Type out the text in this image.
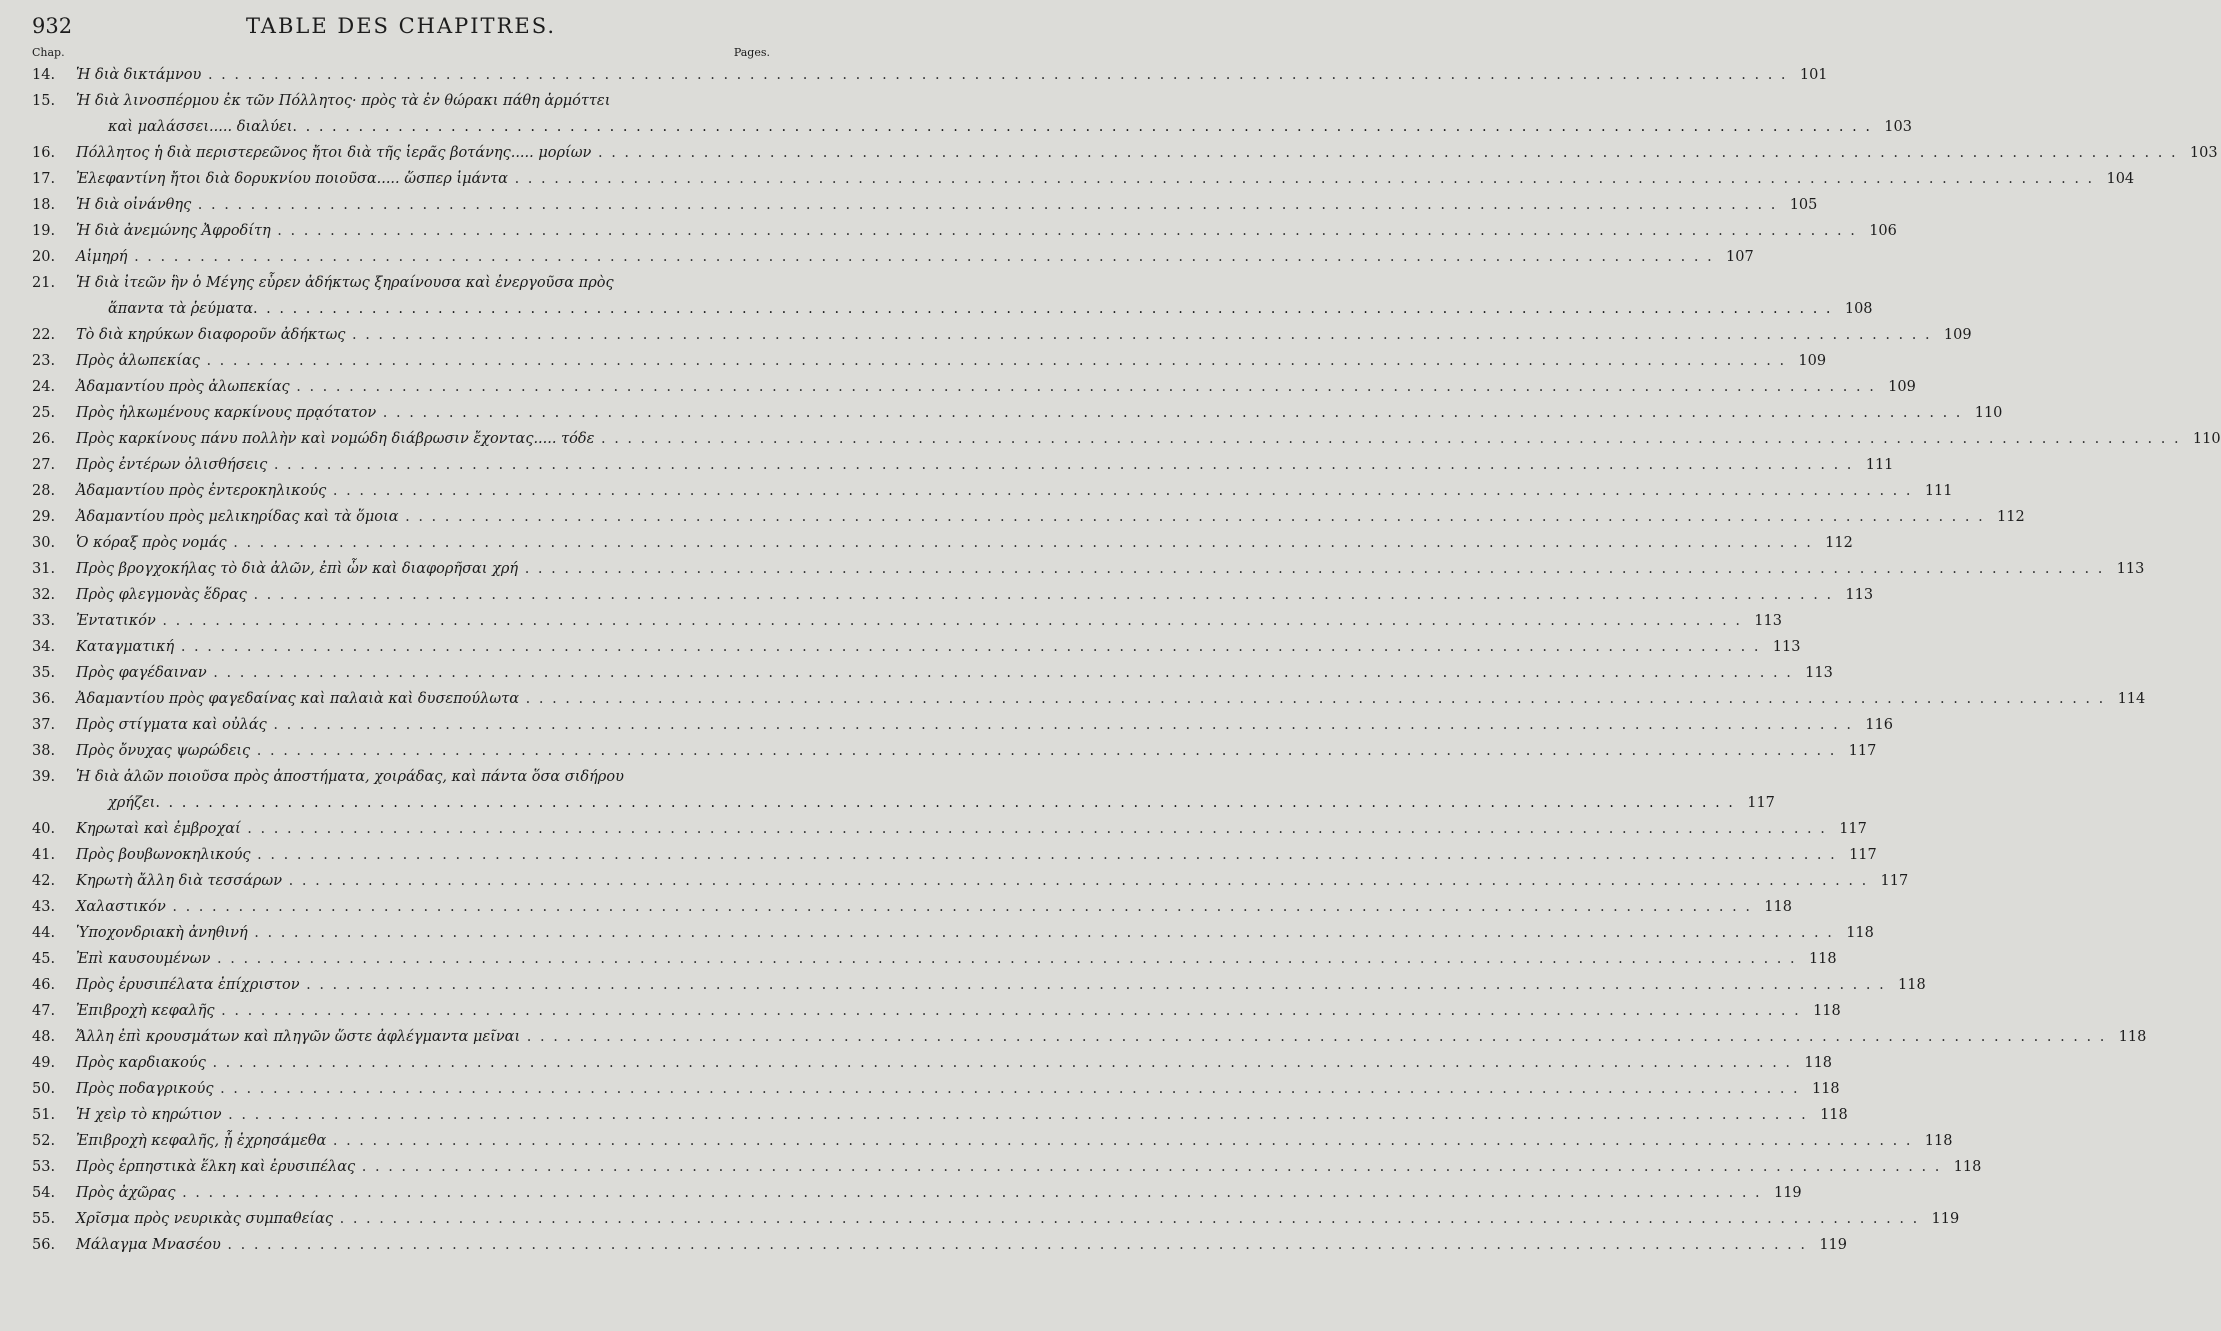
932	TABLE DES CHAPITRES.
Chap.	Pages.
14.	Ἡ διὰ δικτάμνου . . . . . . . . . . . . . . . . . . . . . . . . . . . . . . . . . . . . . . . . . . . . . . . . . . . . . . . . . . . . . . . . . . . . . . . . . . . . . . . . . . . . . . . . . . . . . . . . . . . . . . . . . . . . . . . . . . . . . . . . 101
15.	Ἡ διὰ λινοσπέρμου ἐκ τῶν Πόλλητος· πρὸς τὰ ἐν θώρακι πάθη ἁρμόττει
καὶ μαλάσσει..... διαλύει . . . . . . . . . . . . . . . . . . . . . . . . . . . . . . . . . . . . . . . . . . . . . . . . . . . . . . . . . . . . . . . . . . . . . . . . . . . . . . . . . . . . . . . . . . . . . . . . . . . . . . . . . . . . . . . . . . . . . . . . 103
16.	Πόλλητος ἡ διὰ περιστερεῶνος ἤτοι διὰ τῆς ἱερᾶς βοτάνης..... μορίων . . . . . . . . . . . . . . . . . . . . . . . . . . . . . . . . . . . . . . . . . . . . . . . . . . . . . . . . . . . . . . . . . . . . . . . . . . . . . . . . . . . . . . . . . . . . . . . . . . . . . . . . . . . . . . . . . . . . . . . . 103
17.	Ἐλεφαντίνη ἤτοι διὰ δορυκνίου ποιοῦσα..... ὥσπερ ἱμάντα . . . . . . . . . . . . . . . . . . . . . . . . . . . . . . . . . . . . . . . . . . . . . . . . . . . . . . . . . . . . . . . . . . . . . . . . . . . . . . . . . . . . . . . . . . . . . . . . . . . . . . . . . . . . . . . . . . . . . . . . 104
18.	Ἡ διὰ οἰνάνθης . . . . . . . . . . . . . . . . . . . . . . . . . . . . . . . . . . . . . . . . . . . . . . . . . . . . . . . . . . . . . . . . . . . . . . . . . . . . . . . . . . . . . . . . . . . . . . . . . . . . . . . . . . . . . . . . . . . . . . . . 105
19.	Ἡ διὰ ἀνεμώνης Ἀφροδίτη . . . . . . . . . . . . . . . . . . . . . . . . . . . . . . . . . . . . . . . . . . . . . . . . . . . . . . . . . . . . . . . . . . . . . . . . . . . . . . . . . . . . . . . . . . . . . . . . . . . . . . . . . . . . . . . . . . . . . . . . 106
20.	Αἱμηρή . . . . . . . . . . . . . . . . . . . . . . . . . . . . . . . . . . . . . . . . . . . . . . . . . . . . . . . . . . . . . . . . . . . . . . . . . . . . . . . . . . . . . . . . . . . . . . . . . . . . . . . . . . . . . . . . . . . . . . . . 107
21.	Ἡ διὰ ἰτεῶν ἣν ὁ Μέγης εὗρεν ἀδήκτως ξηραίνουσα καὶ ἐνεργοῦσα πρὸς
ἅπαντα τὰ ῥεύματα . . . . . . . . . . . . . . . . . . . . . . . . . . . . . . . . . . . . . . . . . . . . . . . . . . . . . . . . . . . . . . . . . . . . . . . . . . . . . . . . . . . . . . . . . . . . . . . . . . . . . . . . . . . . . . . . . . . . . . . . 108
22.	Τὸ διὰ κηρύκων διαφοροῦν ἀδήκτως . . . . . . . . . . . . . . . . . . . . . . . . . . . . . . . . . . . . . . . . . . . . . . . . . . . . . . . . . . . . . . . . . . . . . . . . . . . . . . . . . . . . . . . . . . . . . . . . . . . . . . . . . . . . . . . . . . . . . . . . 109
23.	Πρὸς ἀλωπεκίας . . . . . . . . . . . . . . . . . . . . . . . . . . . . . . . . . . . . . . . . . . . . . . . . . . . . . . . . . . . . . . . . . . . . . . . . . . . . . . . . . . . . . . . . . . . . . . . . . . . . . . . . . . . . . . . . . . . . . . . . 109
24.	Ἀδαμαντίου πρὸς ἀλωπεκίας . . . . . . . . . . . . . . . . . . . . . . . . . . . . . . . . . . . . . . . . . . . . . . . . . . . . . . . . . . . . . . . . . . . . . . . . . . . . . . . . . . . . . . . . . . . . . . . . . . . . . . . . . . . . . . . . . . . . . . . . 109
25.	Πρὸς ἡλκωμένους καρκίνους πρᾳότατον . . . . . . . . . . . . . . . . . . . . . . . . . . . . . . . . . . . . . . . . . . . . . . . . . . . . . . . . . . . . . . . . . . . . . . . . . . . . . . . . . . . . . . . . . . . . . . . . . . . . . . . . . . . . . . . . . . . . . . . . 110
26.	Πρὸς καρκίνους πάνυ πολλὴν καὶ νομώδη διάβρωσιν ἔχοντας..... τόδε . . . . . . . . . . . . . . . . . . . . . . . . . . . . . . . . . . . . . . . . . . . . . . . . . . . . . . . . . . . . . . . . . . . . . . . . . . . . . . . . . . . . . . . . . . . . . . . . . . . . . . . . . . . . . . . . . . . . . . . . 110
27.	Πρὸς ἐντέρων ὀλισθήσεις . . . . . . . . . . . . . . . . . . . . . . . . . . . . . . . . . . . . . . . . . . . . . . . . . . . . . . . . . . . . . . . . . . . . . . . . . . . . . . . . . . . . . . . . . . . . . . . . . . . . . . . . . . . . . . . . . . . . . . . . 111
28.	Ἀδαμαντίου πρὸς ἐντεροκηλικούς . . . . . . . . . . . . . . . . . . . . . . . . . . . . . . . . . . . . . . . . . . . . . . . . . . . . . . . . . . . . . . . . . . . . . . . . . . . . . . . . . . . . . . . . . . . . . . . . . . . . . . . . . . . . . . . . . . . . . . . . 111
29.	Ἀδαμαντίου πρὸς μελικηρίδας καὶ τὰ ὅμοια . . . . . . . . . . . . . . . . . . . . . . . . . . . . . . . . . . . . . . . . . . . . . . . . . . . . . . . . . . . . . . . . . . . . . . . . . . . . . . . . . . . . . . . . . . . . . . . . . . . . . . . . . . . . . . . . . . . . . . . . 112
30.	Ὁ κόραξ πρὸς νομάς . . . . . . . . . . . . . . . . . . . . . . . . . . . . . . . . . . . . . . . . . . . . . . . . . . . . . . . . . . . . . . . . . . . . . . . . . . . . . . . . . . . . . . . . . . . . . . . . . . . . . . . . . . . . . . . . . . . . . . . . 112
31.	Πρὸς βρογχοκήλας τὸ διὰ ἀλῶν, ἐπὶ ὧν καὶ διαφορῆσαι χρή . . . . . . . . . . . . . . . . . . . . . . . . . . . . . . . . . . . . . . . . . . . . . . . . . . . . . . . . . . . . . . . . . . . . . . . . . . . . . . . . . . . . . . . . . . . . . . . . . . . . . . . . . . . . . . . . . . . . . . . . 113
32.	Πρὸς φλεγμονὰς ἕδρας . . . . . . . . . . . . . . . . . . . . . . . . . . . . . . . . . . . . . . . . . . . . . . . . . . . . . . . . . . . . . . . . . . . . . . . . . . . . . . . . . . . . . . . . . . . . . . . . . . . . . . . . . . . . . . . . . . . . . . . . 113
33.	Ἐντατικόν . . . . . . . . . . . . . . . . . . . . . . . . . . . . . . . . . . . . . . . . . . . . . . . . . . . . . . . . . . . . . . . . . . . . . . . . . . . . . . . . . . . . . . . . . . . . . . . . . . . . . . . . . . . . . . . . . . . . . . . . 113
34.	Καταγματική . . . . . . . . . . . . . . . . . . . . . . . . . . . . . . . . . . . . . . . . . . . . . . . . . . . . . . . . . . . . . . . . . . . . . . . . . . . . . . . . . . . . . . . . . . . . . . . . . . . . . . . . . . . . . . . . . . . . . . . . 113
35.	Πρὸς φαγέδαιναν . . . . . . . . . . . . . . . . . . . . . . . . . . . . . . . . . . . . . . . . . . . . . . . . . . . . . . . . . . . . . . . . . . . . . . . . . . . . . . . . . . . . . . . . . . . . . . . . . . . . . . . . . . . . . . . . . . . . . . . . 113
36.	Ἀδαμαντίου πρὸς φαγεδαίνας καὶ παλαιὰ καὶ δυσεπούλωτα . . . . . . . . . . . . . . . . . . . . . . . . . . . . . . . . . . . . . . . . . . . . . . . . . . . . . . . . . . . . . . . . . . . . . . . . . . . . . . . . . . . . . . . . . . . . . . . . . . . . . . . . . . . . . . . . . . . . . . . . 114
37.	Πρὸς στίγματα καὶ οὐλάς . . . . . . . . . . . . . . . . . . . . . . . . . . . . . . . . . . . . . . . . . . . . . . . . . . . . . . . . . . . . . . . . . . . . . . . . . . . . . . . . . . . . . . . . . . . . . . . . . . . . . . . . . . . . . . . . . . . . . . . . 116
38.	Πρὸς ὄνυχας ψωρώδεις . . . . . . . . . . . . . . . . . . . . . . . . . . . . . . . . . . . . . . . . . . . . . . . . . . . . . . . . . . . . . . . . . . . . . . . . . . . . . . . . . . . . . . . . . . . . . . . . . . . . . . . . . . . . . . . . . . . . . . . . 117
39.	Ἡ διὰ ἁλῶν ποιοῦσα πρὸς ἀποστήματα, χοιράδας, καὶ πάντα ὅσα σιδήρου
χρήζει . . . . . . . . . . . . . . . . . . . . . . . . . . . . . . . . . . . . . . . . . . . . . . . . . . . . . . . . . . . . . . . . . . . . . . . . . . . . . . . . . . . . . . . . . . . . . . . . . . . . . . . . . . . . . . . . . . . . . . . . 117
40.	Κηρωταὶ καὶ ἐμβροχαί . . . . . . . . . . . . . . . . . . . . . . . . . . . . . . . . . . . . . . . . . . . . . . . . . . . . . . . . . . . . . . . . . . . . . . . . . . . . . . . . . . . . . . . . . . . . . . . . . . . . . . . . . . . . . . . . . . . . . . . . 117
41.	Πρὸς βουβωνοκηλικούς . . . . . . . . . . . . . . . . . . . . . . . . . . . . . . . . . . . . . . . . . . . . . . . . . . . . . . . . . . . . . . . . . . . . . . . . . . . . . . . . . . . . . . . . . . . . . . . . . . . . . . . . . . . . . . . . . . . . . . . . 117
42.	Κηρωτὴ ἄλλη διὰ τεσσάρων . . . . . . . . . . . . . . . . . . . . . . . . . . . . . . . . . . . . . . . . . . . . . . . . . . . . . . . . . . . . . . . . . . . . . . . . . . . . . . . . . . . . . . . . . . . . . . . . . . . . . . . . . . . . . . . . . . . . . . . . 117
43.	Χαλαστικόν . . . . . . . . . . . . . . . . . . . . . . . . . . . . . . . . . . . . . . . . . . . . . . . . . . . . . . . . . . . . . . . . . . . . . . . . . . . . . . . . . . . . . . . . . . . . . . . . . . . . . . . . . . . . . . . . . . . . . . . . 118
44.	Ὑποχονδριακὴ ἀνηθινή . . . . . . . . . . . . . . . . . . . . . . . . . . . . . . . . . . . . . . . . . . . . . . . . . . . . . . . . . . . . . . . . . . . . . . . . . . . . . . . . . . . . . . . . . . . . . . . . . . . . . . . . . . . . . . . . . . . . . . . . 118
45.	Ἐπὶ καυσουμένων . . . . . . . . . . . . . . . . . . . . . . . . . . . . . . . . . . . . . . . . . . . . . . . . . . . . . . . . . . . . . . . . . . . . . . . . . . . . . . . . . . . . . . . . . . . . . . . . . . . . . . . . . . . . . . . . . . . . . . . . 118
46.	Πρὸς ἐρυσιπέλατα ἐπίχριστον . . . . . . . . . . . . . . . . . . . . . . . . . . . . . . . . . . . . . . . . . . . . . . . . . . . . . . . . . . . . . . . . . . . . . . . . . . . . . . . . . . . . . . . . . . . . . . . . . . . . . . . . . . . . . . . . . . . . . . . . 118
47.	Ἐπιβροχὴ κεφαλῆς . . . . . . . . . . . . . . . . . . . . . . . . . . . . . . . . . . . . . . . . . . . . . . . . . . . . . . . . . . . . . . . . . . . . . . . . . . . . . . . . . . . . . . . . . . . . . . . . . . . . . . . . . . . . . . . . . . . . . . . . 118
48.	Ἄλλη ἐπὶ κρουσμάτων καὶ πληγῶν ὥστε ἀφλέγμαντα μεῖναι . . . . . . . . . . . . . . . . . . . . . . . . . . . . . . . . . . . . . . . . . . . . . . . . . . . . . . . . . . . . . . . . . . . . . . . . . . . . . . . . . . . . . . . . . . . . . . . . . . . . . . . . . . . . . . . . . . . . . . . . 118
49.	Πρὸς καρδιακούς . . . . . . . . . . . . . . . . . . . . . . . . . . . . . . . . . . . . . . . . . . . . . . . . . . . . . . . . . . . . . . . . . . . . . . . . . . . . . . . . . . . . . . . . . . . . . . . . . . . . . . . . . . . . . . . . . . . . . . . . 118
50.	Πρὸς ποδαγρικούς . . . . . . . . . . . . . . . . . . . . . . . . . . . . . . . . . . . . . . . . . . . . . . . . . . . . . . . . . . . . . . . . . . . . . . . . . . . . . . . . . . . . . . . . . . . . . . . . . . . . . . . . . . . . . . . . . . . . . . . . 118
51.	Ἡ χεὶρ τὸ κηρώτιον . . . . . . . . . . . . . . . . . . . . . . . . . . . . . . . . . . . . . . . . . . . . . . . . . . . . . . . . . . . . . . . . . . . . . . . . . . . . . . . . . . . . . . . . . . . . . . . . . . . . . . . . . . . . . . . . . . . . . . . . 118
52.	Ἐπιβροχὴ κεφαλῆς, ᾗ ἐχρησάμεθα . . . . . . . . . . . . . . . . . . . . . . . . . . . . . . . . . . . . . . . . . . . . . . . . . . . . . . . . . . . . . . . . . . . . . . . . . . . . . . . . . . . . . . . . . . . . . . . . . . . . . . . . . . . . . . . . . . . . . . . . 118
53.	Πρὸς ἑρπηστικὰ ἕλκη καὶ ἐρυσιπέλας . . . . . . . . . . . . . . . . . . . . . . . . . . . . . . . . . . . . . . . . . . . . . . . . . . . . . . . . . . . . . . . . . . . . . . . . . . . . . . . . . . . . . . . . . . . . . . . . . . . . . . . . . . . . . . . . . . . . . . . . 118
54.	Πρὸς ἀχῶρας . . . . . . . . . . . . . . . . . . . . . . . . . . . . . . . . . . . . . . . . . . . . . . . . . . . . . . . . . . . . . . . . . . . . . . . . . . . . . . . . . . . . . . . . . . . . . . . . . . . . . . . . . . . . . . . . . . . . . . . . 119
55.	Χρῖσμα πρὸς νευρικὰς συμπαθείας . . . . . . . . . . . . . . . . . . . . . . . . . . . . . . . . . . . . . . . . . . . . . . . . . . . . . . . . . . . . . . . . . . . . . . . . . . . . . . . . . . . . . . . . . . . . . . . . . . . . . . . . . . . . . . . . . . . . . . . . 119
56.	Μάλαγμα Μνασέου . . . . . . . . . . . . . . . . . . . . . . . . . . . . . . . . . . . . . . . . . . . . . . . . . . . . . . . . . . . . . . . . . . . . . . . . . . . . . . . . . . . . . . . . . . . . . . . . . . . . . . . . . . . . . . . . . . . . . . . . 119
